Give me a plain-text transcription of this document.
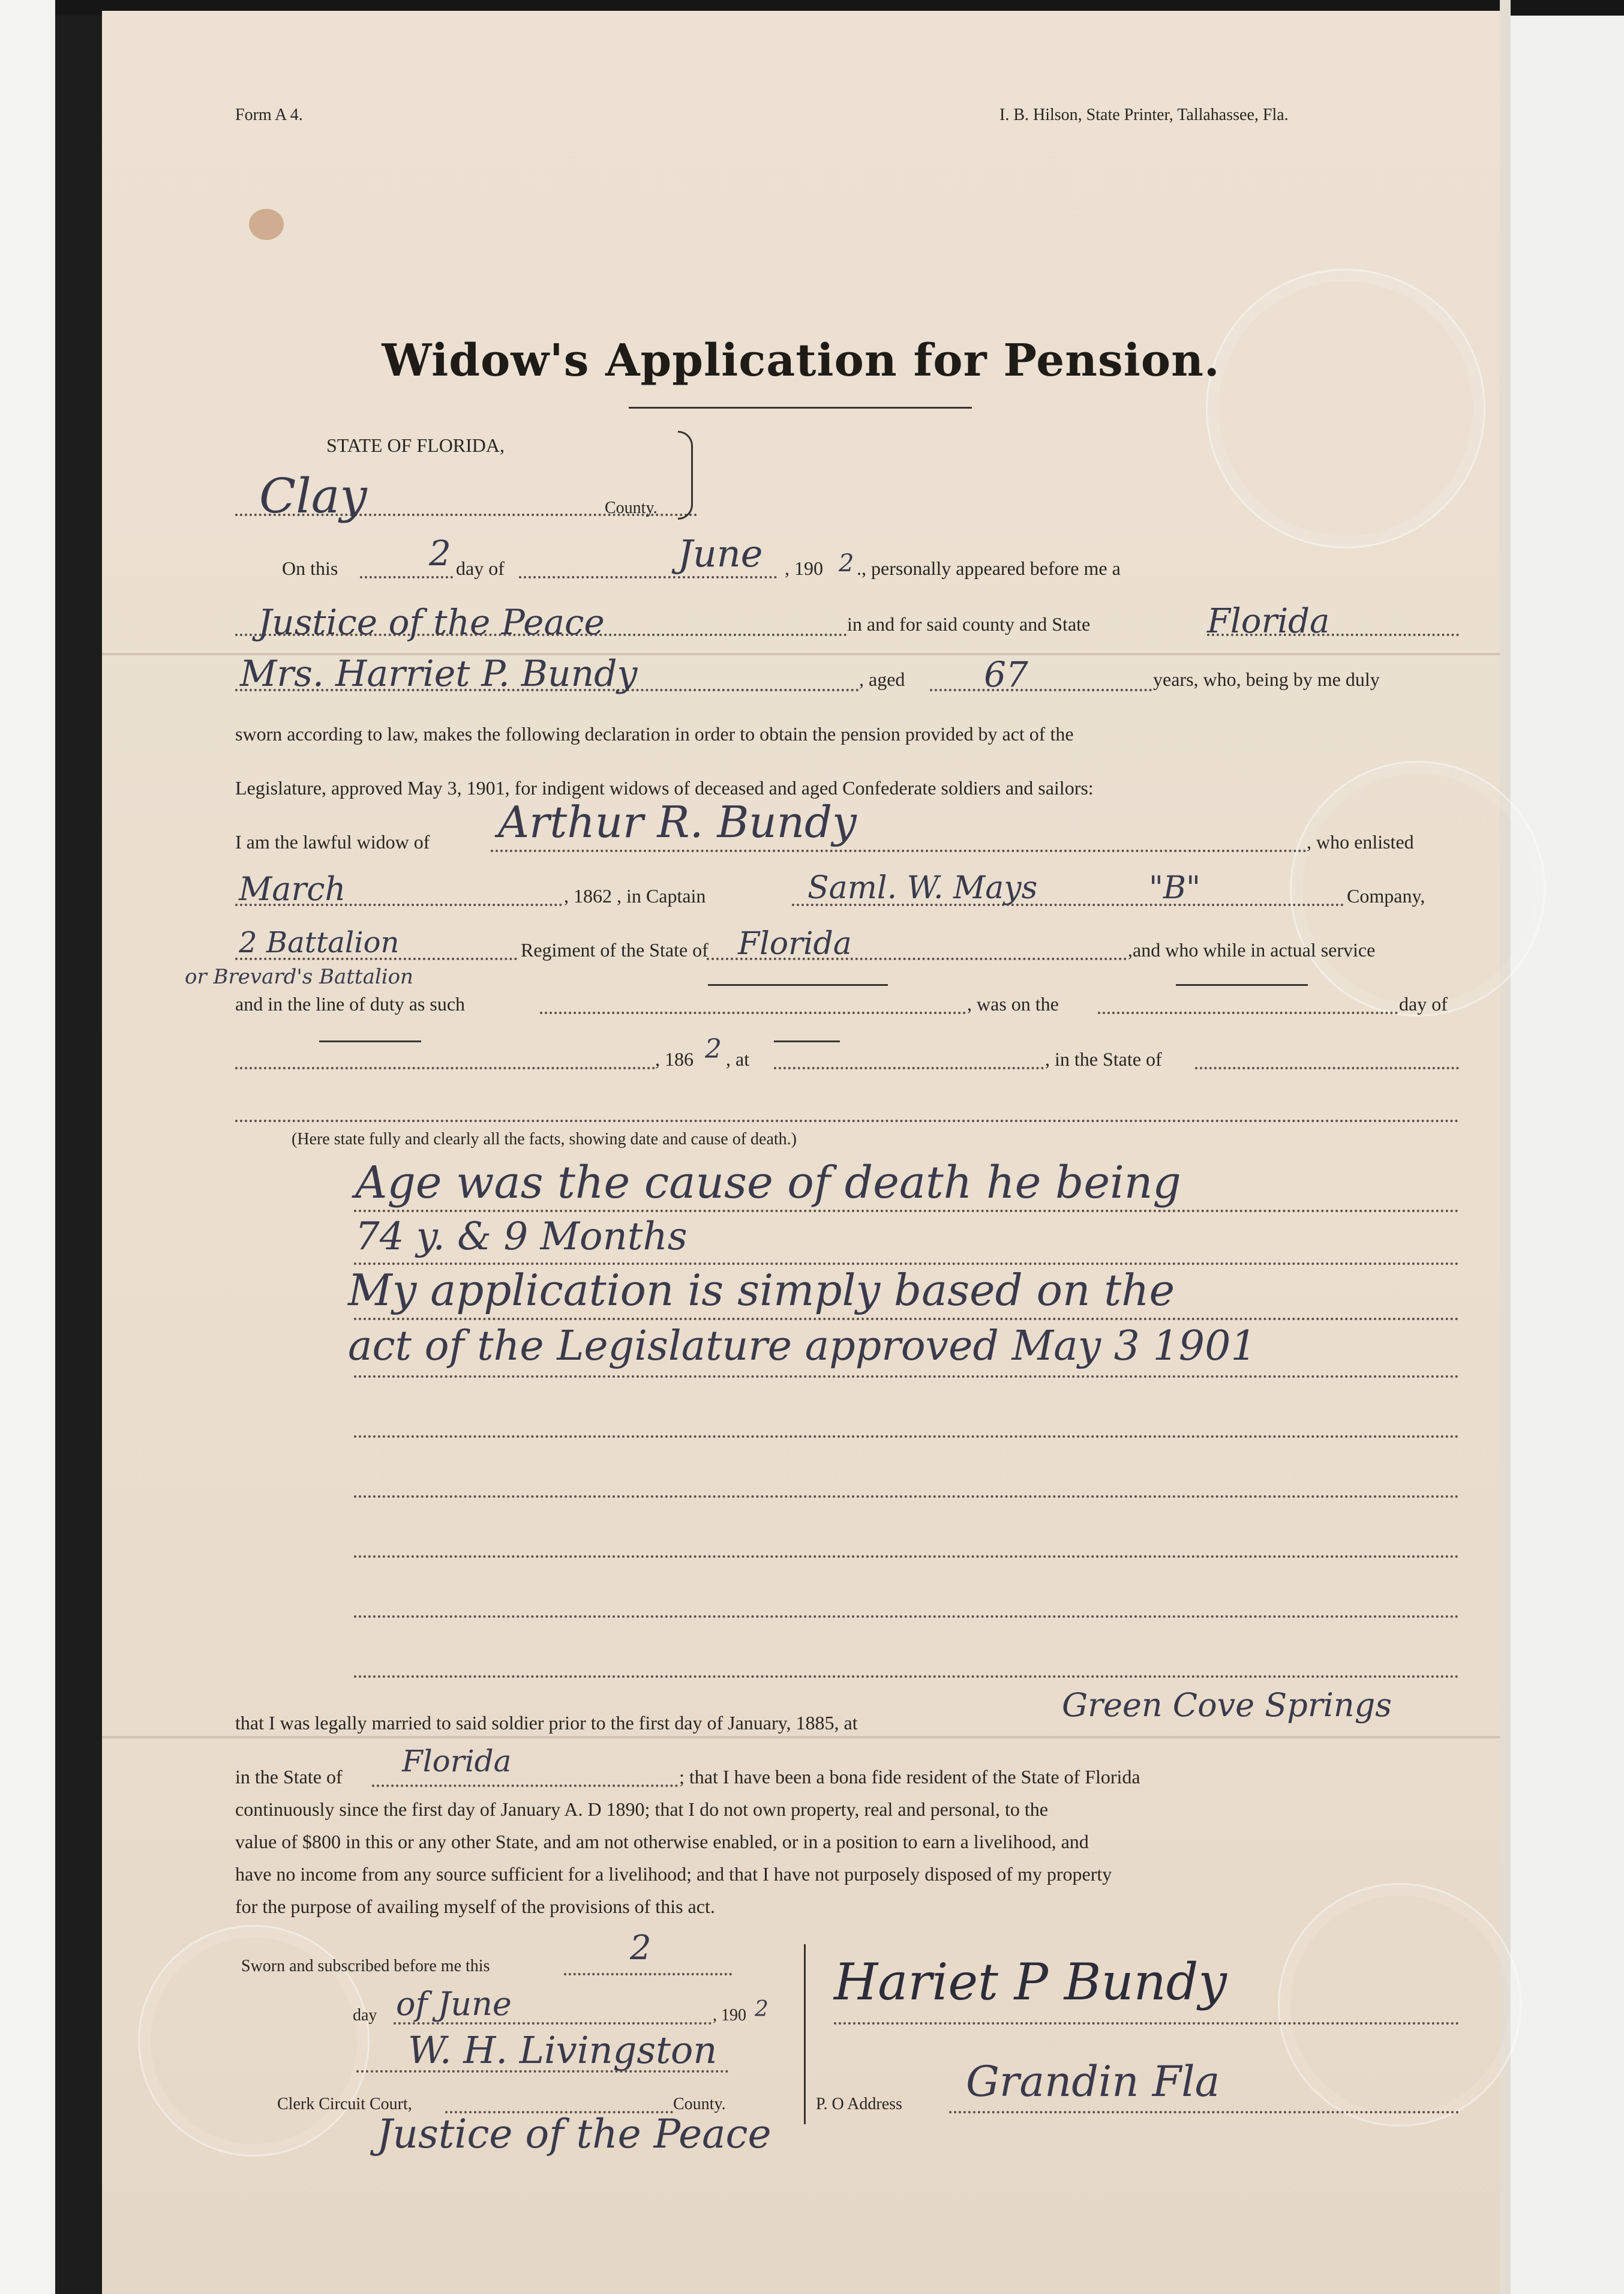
Form A 4.	I. B. Hilson, State Printer, Tallahassee, Fla.
Widow's Application for Pension.
STATE OF FLORIDA,
Clay	County.
On this	2 day of	June , 190 2 ., personally appeared before me a
Justice of the Peace	in and for said county and State	Florida
Mrs. Harriet P. Bundy	, aged 67	years, who, being by me duly
sworn according to law, makes the following declaration in order to obtain the pension provided by act of the
Legislature, approved May 3, 1901, for indigent widows of deceased and aged Confederate soldiers and sailors:
I am the lawful widow of Arthur R. Bundy	, who enlisted
March	, 1862 , in Captain	Saml. W. Mays	"B"	Company,
2 Battalion	Regiment of the State of Florida	,and who while in actual service
or Brevard's Battalion
and in the line of duty as such	, was on the	day of
, 186 2 , at	, in the State of
(Here state fully and clearly all the facts, showing date and cause of death.)
Age was the cause of death he being
74 y. & 9 Months
My application is simply based on the
act of the Legislature approved May 3 1901
that I was legally married to said soldier prior to the first day of January, 1885, at	Green Cove Springs
in the State of Florida	; that I have been a bona fide resident of the State of Florida
continuously since the first day of January A. D 1890; that I do not own property, real and personal, to the
value of $800 in this or any other State, and am not otherwise enabled, or in a position to earn a livelihood, and
have no income from any source sufficient for a livelihood; and that I have not purposely disposed of my property
for the purpose of availing myself of the provisions of this act.
Sworn and subscribed before me this	2
day of June	, 190 2
W. H. Livingston
Clerk Circuit Court,	County.
Justice of the Peace
Hariet P Bundy
P. O Address Grandin Fla
